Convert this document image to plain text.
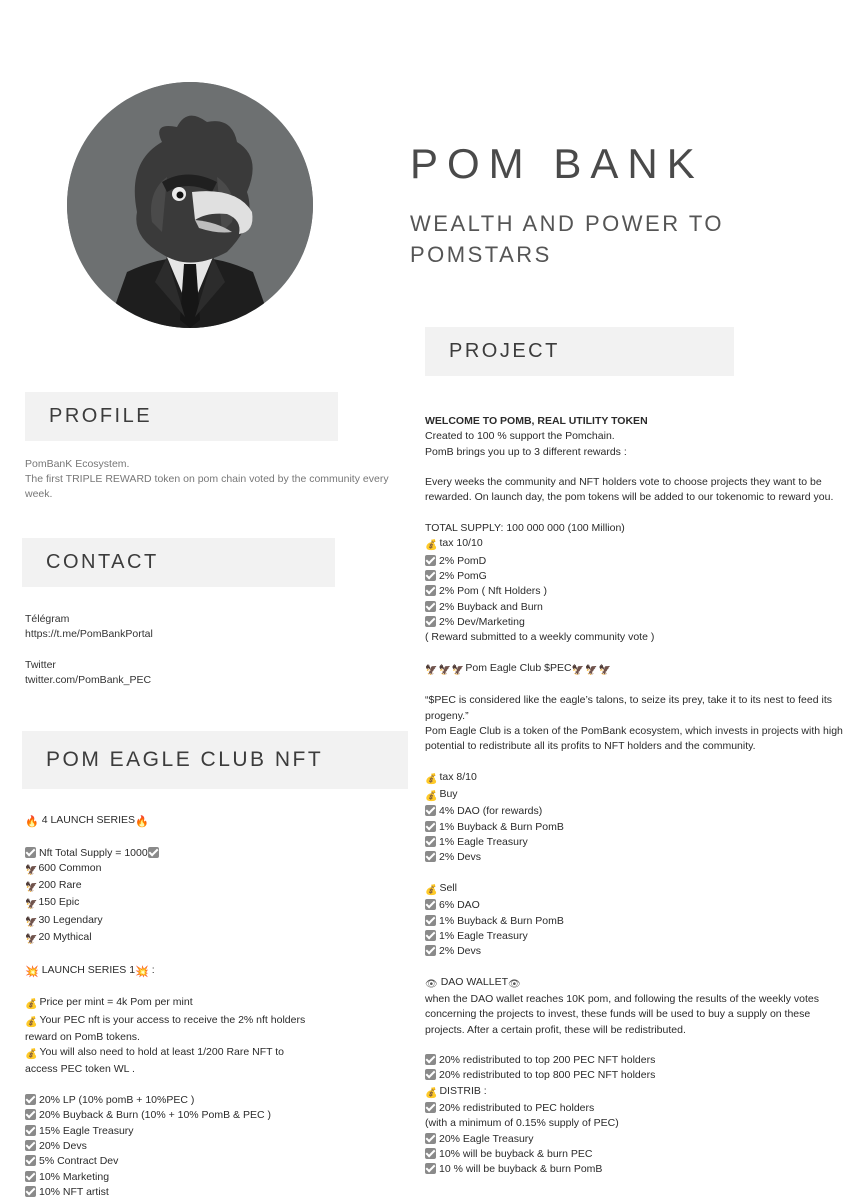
POM BANK

WEALTH AND POWER TO POMSTARS

PROJECT
PROFILE
CONTACT
POM EAGLE CLUB NFT
PomBanK Ecosystem.
The first TRIPLE REWARD token on pom chain voted by the community every week.
Télégram
https://t.me/PomBankPortal
Twitter
twitter.com/PomBank_PEC
🔥 4 LAUNCH SERIES🔥
Nft Total Supply = 1000
🦅600 Common
🦅200 Rare
🦅150 Epic
🦅30 Legendary
🦅20 Mythical
💥 LAUNCH SERIES 1💥 :
💰 Price per mint = 4k Pom per mint
💰 Your PEC nft is your access to receive the 2% nft holders
reward on PomB tokens.
💰 You will also need to hold at least 1/200 Rare NFT to
access PEC token WL .
20% LP (10% pomB + 10%PEC )
20% Buyback & Burn (10% + 10% PomB & PEC )
15% Eagle Treasury
20% Devs
5% Contract Dev
10% Marketing
10% NFT artist
WELCOME TO POMB, REAL UTILITY TOKEN
Created to 100 % support the Pomchain.
PomB brings you up to 3 different rewards :
Every weeks the community and NFT holders vote to choose projects they want to be rewarded. On launch day, the pom tokens will be added to our tokenomic to reward you.
TOTAL SUPPLY: 100 000 000 (100 Million)
💰 tax 10/10
2% PomD
2% PomG
2% Pom ( Nft Holders )
2% Buyback and Burn
2% Dev/Marketing
( Reward submitted to a weekly community vote )
🦅🦅🦅Pom Eagle Club $PEC🦅🦅🦅
“$PEC is considered like the eagle’s talons, to seize its prey, take it to its nest to feed its progeny.”
Pom Eagle Club is a token of the PomBank ecosystem, which invests in projects with high potential to redistribute all its profits to NFT holders and the community.
💰 tax 8/10
💰 Buy
4% DAO (for rewards)
1% Buyback & Burn PomB
1% Eagle Treasury
2% Devs
💰 Sell
6% DAO
1% Buyback & Burn PomB
1% Eagle Treasury
2% Devs
👁 DAO WALLET👁
when the DAO wallet reaches 10K pom, and following the results of the weekly votes concerning the projects to invest, these funds will be used to buy a supply on these projects. After a certain profit, these will be redistributed.
20% redistributed to top 200 PEC NFT holders
20% redistributed to top 800 PEC NFT holders
💰 DISTRIB :
20% redistributed to PEC holders
(with a minimum of 0.15% supply of PEC)
20% Eagle Treasury
10% will be buyback & burn PEC
10 % will be buyback & burn PomB
